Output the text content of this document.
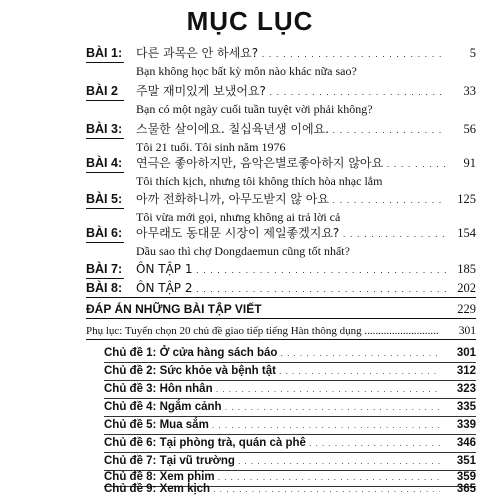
MỤC LỤC
BÀI 1:	다른 과목은 안 하세요? . . .	5
Bạn không học bất kỳ môn nào khác nữa sao?
BÀI 2	주말 재미있게 보냈어요? . . .	33
Bạn có một ngày cuối tuần tuyệt vời phải không?
BÀI 3:	스물한 살이에요. 칠십육년생 이에요. . . .	56
Tôi 21 tuổi. Tôi sinh năm 1976
BÀI 4:	연극은 좋아하지만, 음악은별로좋아하지 않아요 . . .	91
Tôi thích kịch, nhưng tôi không thích hòa nhạc lắm
BÀI 5:	아까 전화하니까, 아무도받지 않 아요 . . .	125
Tôi vừa mới gọi, nhưng không ai trả lời cả
BÀI 6:	아무래도 동대문 시장이 제일좋겠지요? . . .	154
Dầu sao thì chợ Dongdaemun cũng tốt nhất?
BÀI 7:	ÔN TẬP 1 . . .	185
BÀI 8:	ÔN TẬP 2 . . .	202
ĐÁP ÁN NHỮNG BÀI TẬP VIẾT	229
Phụ lục: Tuyển chọn 20 chủ đề giao tiếp tiếng Hàn thông dụng .....	301
Chủ đề 1: Ở cửa hàng sách báo . . .	301
Chủ đề 2: Sức khỏe và bệnh tật . . .	312
Chủ đề 3: Hôn nhân . . .	323
Chủ đề 4: Ngắm cảnh . . .	335
Chủ đề 5: Mua sắm . . .	339
Chủ đề 6: Tại phòng trà, quán cà phê . . .	346
Chủ đề 7: Tại vũ trường . . .	351
Chủ đề 8: Xem phim . . .	359
Chủ đề 9: Xem kịch . . .	365
